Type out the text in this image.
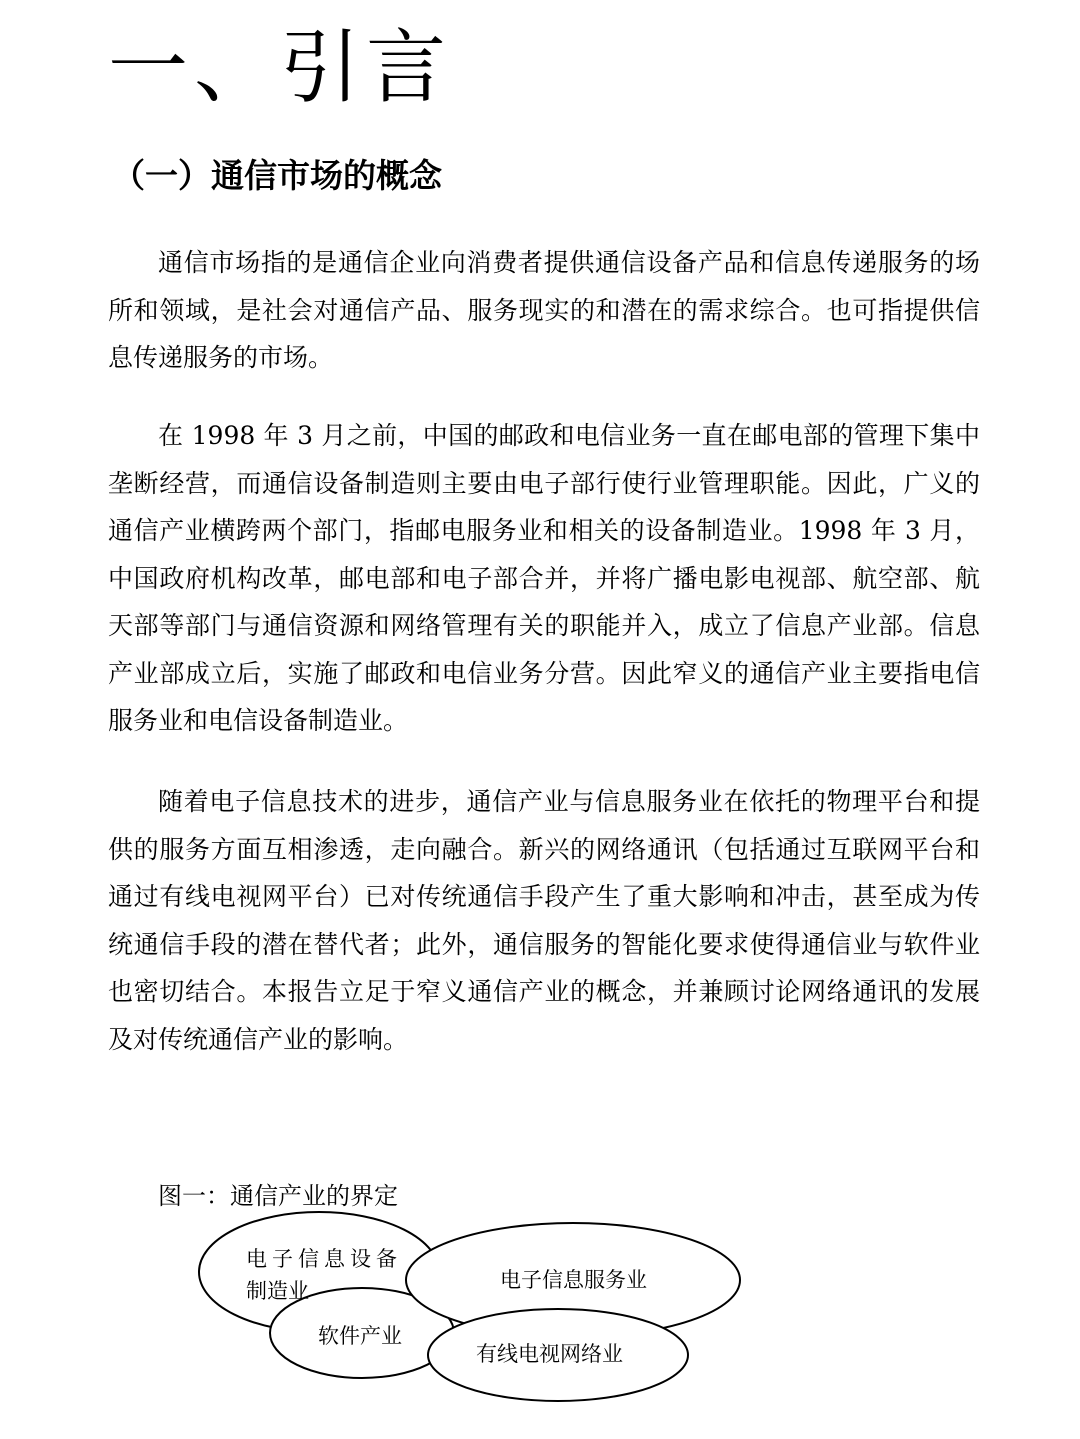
一、引言
（一）通信市场的概念

通信市场指的是通信企业向消费者提供通信设备产品和信息传递服务的场所和领域，是社会对通信产品、服务现实的和潜在的需求综合。也可指提供信息传递服务的市场。

在 1998 年 3 月之前，中国的邮政和电信业务一直在邮电部的管理下集中垄断经营，而通信设备制造则主要由电子部行使行业管理职能。因此，广义的通信产业横跨两个部门，指邮电服务业和相关的设备制造业。1998 年 3 月，中国政府机构改革，邮电部和电子部合并，并将广播电影电视部、航空部、航天部等部门与通信资源和网络管理有关的职能并入，成立了信息产业部。信息产业部成立后，实施了邮政和电信业务分营。因此窄义的通信产业主要指电信服务业和电信设备制造业。

随着电子信息技术的进步，通信产业与信息服务业在依托的物理平台和提供的服务方面互相渗透，走向融合。新兴的网络通讯（包括通过互联网平台和通过有线电视网平台）已对传统通信手段产生了重大影响和冲击，甚至成为传统通信手段的潜在替代者；此外，通信服务的智能化要求使得通信业与软件业也密切结合。本报告立足于窄义通信产业的概念，并兼顾讨论网络通讯的发展及对传统通信产业的影响。

图一：通信产业的界定

电子信息设备
制造业	电子信息服务业
软件产业
有线电视网络业
